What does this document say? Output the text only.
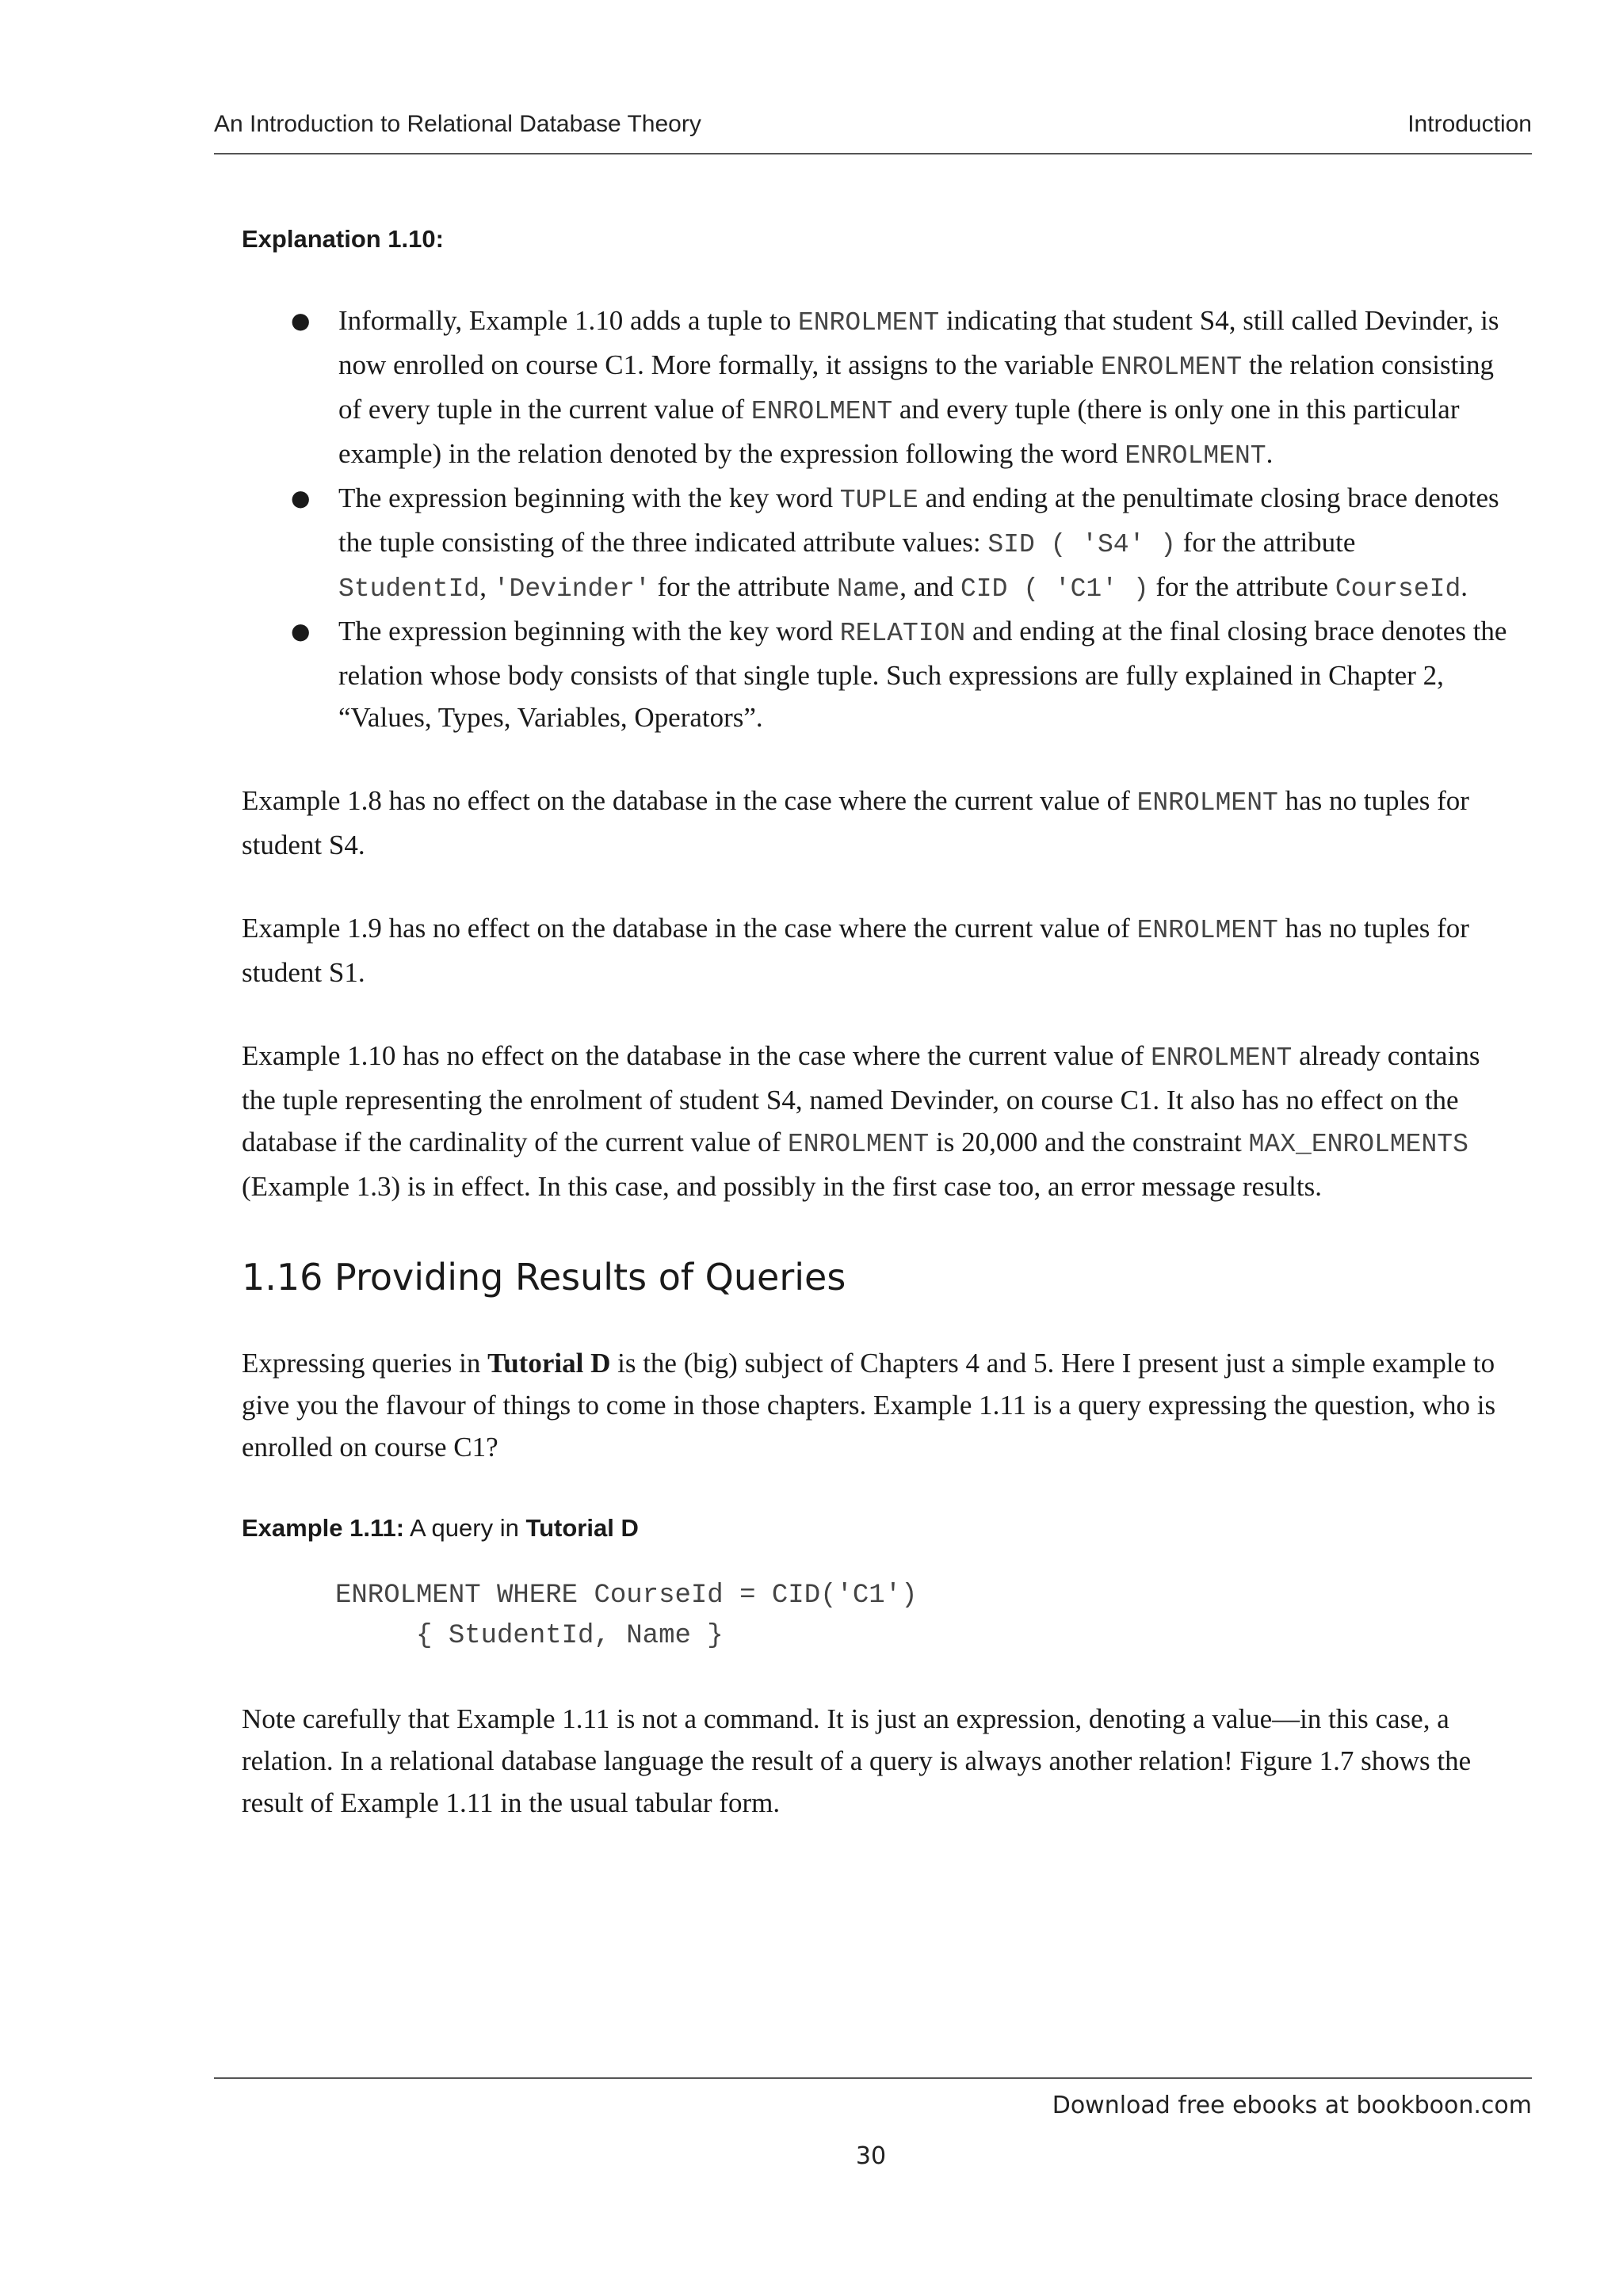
An Introduction to Relational Database Theory	Introduction
Explanation 1.10:
● Informally, Example 1.10 adds a tuple to ENROLMENT indicating that student S4, still called Devinder, is now enrolled on course C1. More formally, it assigns to the variable ENROLMENT the relation consisting of every tuple in the current value of ENROLMENT and every tuple (there is only one in this particular example) in the relation denoted by the expression following the word ENROLMENT.
● The expression beginning with the key word TUPLE and ending at the penultimate closing brace denotes the tuple consisting of the three indicated attribute values: SID ( 'S4' ) for the attribute StudentId, 'Devinder' for the attribute Name, and CID ( 'C1' ) for the attribute CourseId.
● The expression beginning with the key word RELATION and ending at the final closing brace denotes the relation whose body consists of that single tuple. Such expressions are fully explained in Chapter 2, “Values, Types, Variables, Operators”.

Example 1.8 has no effect on the database in the case where the current value of ENROLMENT has no tuples for student S4.

Example 1.9 has no effect on the database in the case where the current value of ENROLMENT has no tuples for student S1.

Example 1.10 has no effect on the database in the case where the current value of ENROLMENT already contains the tuple representing the enrolment of student S4, named Devinder, on course C1. It also has no effect on the database if the cardinality of the current value of ENROLMENT is 20,000 and the constraint MAX_ENROLMENTS (Example 1.3) is in effect. In this case, and possibly in the first case too, an error message results.

1.16 Providing Results of Queries

Expressing queries in Tutorial D is the (big) subject of Chapters 4 and 5. Here I present just a simple example to give you the flavour of things to come in those chapters. Example 1.11 is a query expressing the question, who is enrolled on course C1?

Example 1.11: A query in Tutorial D
ENROLMENT WHERE CourseId = CID('C1')
{ StudentId, Name }

Note carefully that Example 1.11 is not a command. It is just an expression, denoting a value—in this case, a relation. In a relational database language the result of a query is always another relation! Figure 1.7 shows the result of Example 1.11 in the usual tabular form.

Download free ebooks at bookboon.com
30
